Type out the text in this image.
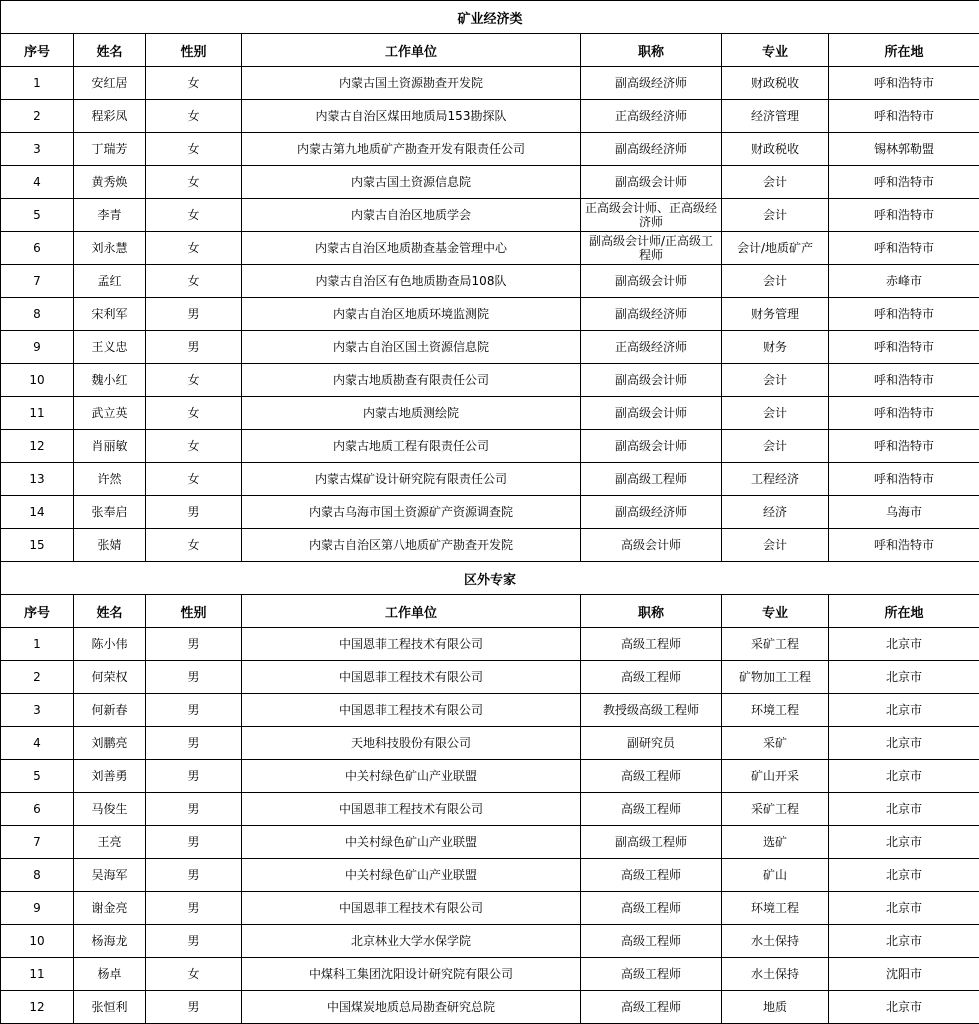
矿业经济类						
序号	姓名	性别	工作单位	职称	专业	所在地
1	安红居	女	内蒙古国土资源勘查开发院	副高级经济师	财政税收	呼和浩特市
2	程彩凤	女	内蒙古自治区煤田地质局153勘探队	正高级经济师	经济管理	呼和浩特市
3	丁瑞芳	女	内蒙古第九地质矿产勘查开发有限责任公司	副高级经济师	财政税收	锡林郭勒盟
4	黄秀焕	女	内蒙古国土资源信息院	副高级会计师	会计	呼和浩特市
5	李青	女	内蒙古自治区地质学会	正高级会计师、正高级经济师	会计	呼和浩特市
6	刘永慧	女	内蒙古自治区地质勘查基金管理中心	副高级会计师/正高级工程师	会计/地质矿产	呼和浩特市
7	孟红	女	内蒙古自治区有色地质勘查局108队	副高级会计师	会计	赤峰市
8	宋利军	男	内蒙古自治区地质环境监测院	副高级经济师	财务管理	呼和浩特市
9	王义忠	男	内蒙古自治区国土资源信息院	正高级经济师	财务	呼和浩特市
10	魏小红	女	内蒙古地质勘查有限责任公司	副高级会计师	会计	呼和浩特市
11	武立英	女	内蒙古地质测绘院	副高级会计师	会计	呼和浩特市
12	肖丽敏	女	内蒙古地质工程有限责任公司	副高级会计师	会计	呼和浩特市
13	许然	女	内蒙古煤矿设计研究院有限责任公司	副高级工程师	工程经济	呼和浩特市
14	张奉启	男	内蒙古乌海市国土资源矿产资源调查院	副高级经济师	经济	乌海市
15	张婧	女	内蒙古自治区第八地质矿产勘查开发院	高级会计师	会计	呼和浩特市
区外专家						
序号	姓名	性别	工作单位	职称	专业	所在地
1	陈小伟	男	中国恩菲工程技术有限公司	高级工程师	采矿工程	北京市
2	何荣权	男	中国恩菲工程技术有限公司	高级工程师	矿物加工工程	北京市
3	何新春	男	中国恩菲工程技术有限公司	教授级高级工程师	环境工程	北京市
4	刘鹏亮	男	天地科技股份有限公司	副研究员	采矿	北京市
5	刘善勇	男	中关村绿色矿山产业联盟	高级工程师	矿山开采	北京市
6	马俊生	男	中国恩菲工程技术有限公司	高级工程师	采矿工程	北京市
7	王亮	男	中关村绿色矿山产业联盟	副高级工程师	选矿	北京市
8	吴海军	男	中关村绿色矿山产业联盟	高级工程师	矿山	北京市
9	谢金亮	男	中国恩菲工程技术有限公司	高级工程师	环境工程	北京市
10	杨海龙	男	北京林业大学水保学院	高级工程师	水土保持	北京市
11	杨卓	女	中煤科工集团沈阳设计研究院有限公司	高级工程师	水土保持	沈阳市
12	张恒利	男	中国煤炭地质总局勘查研究总院	高级工程师	地质	北京市
